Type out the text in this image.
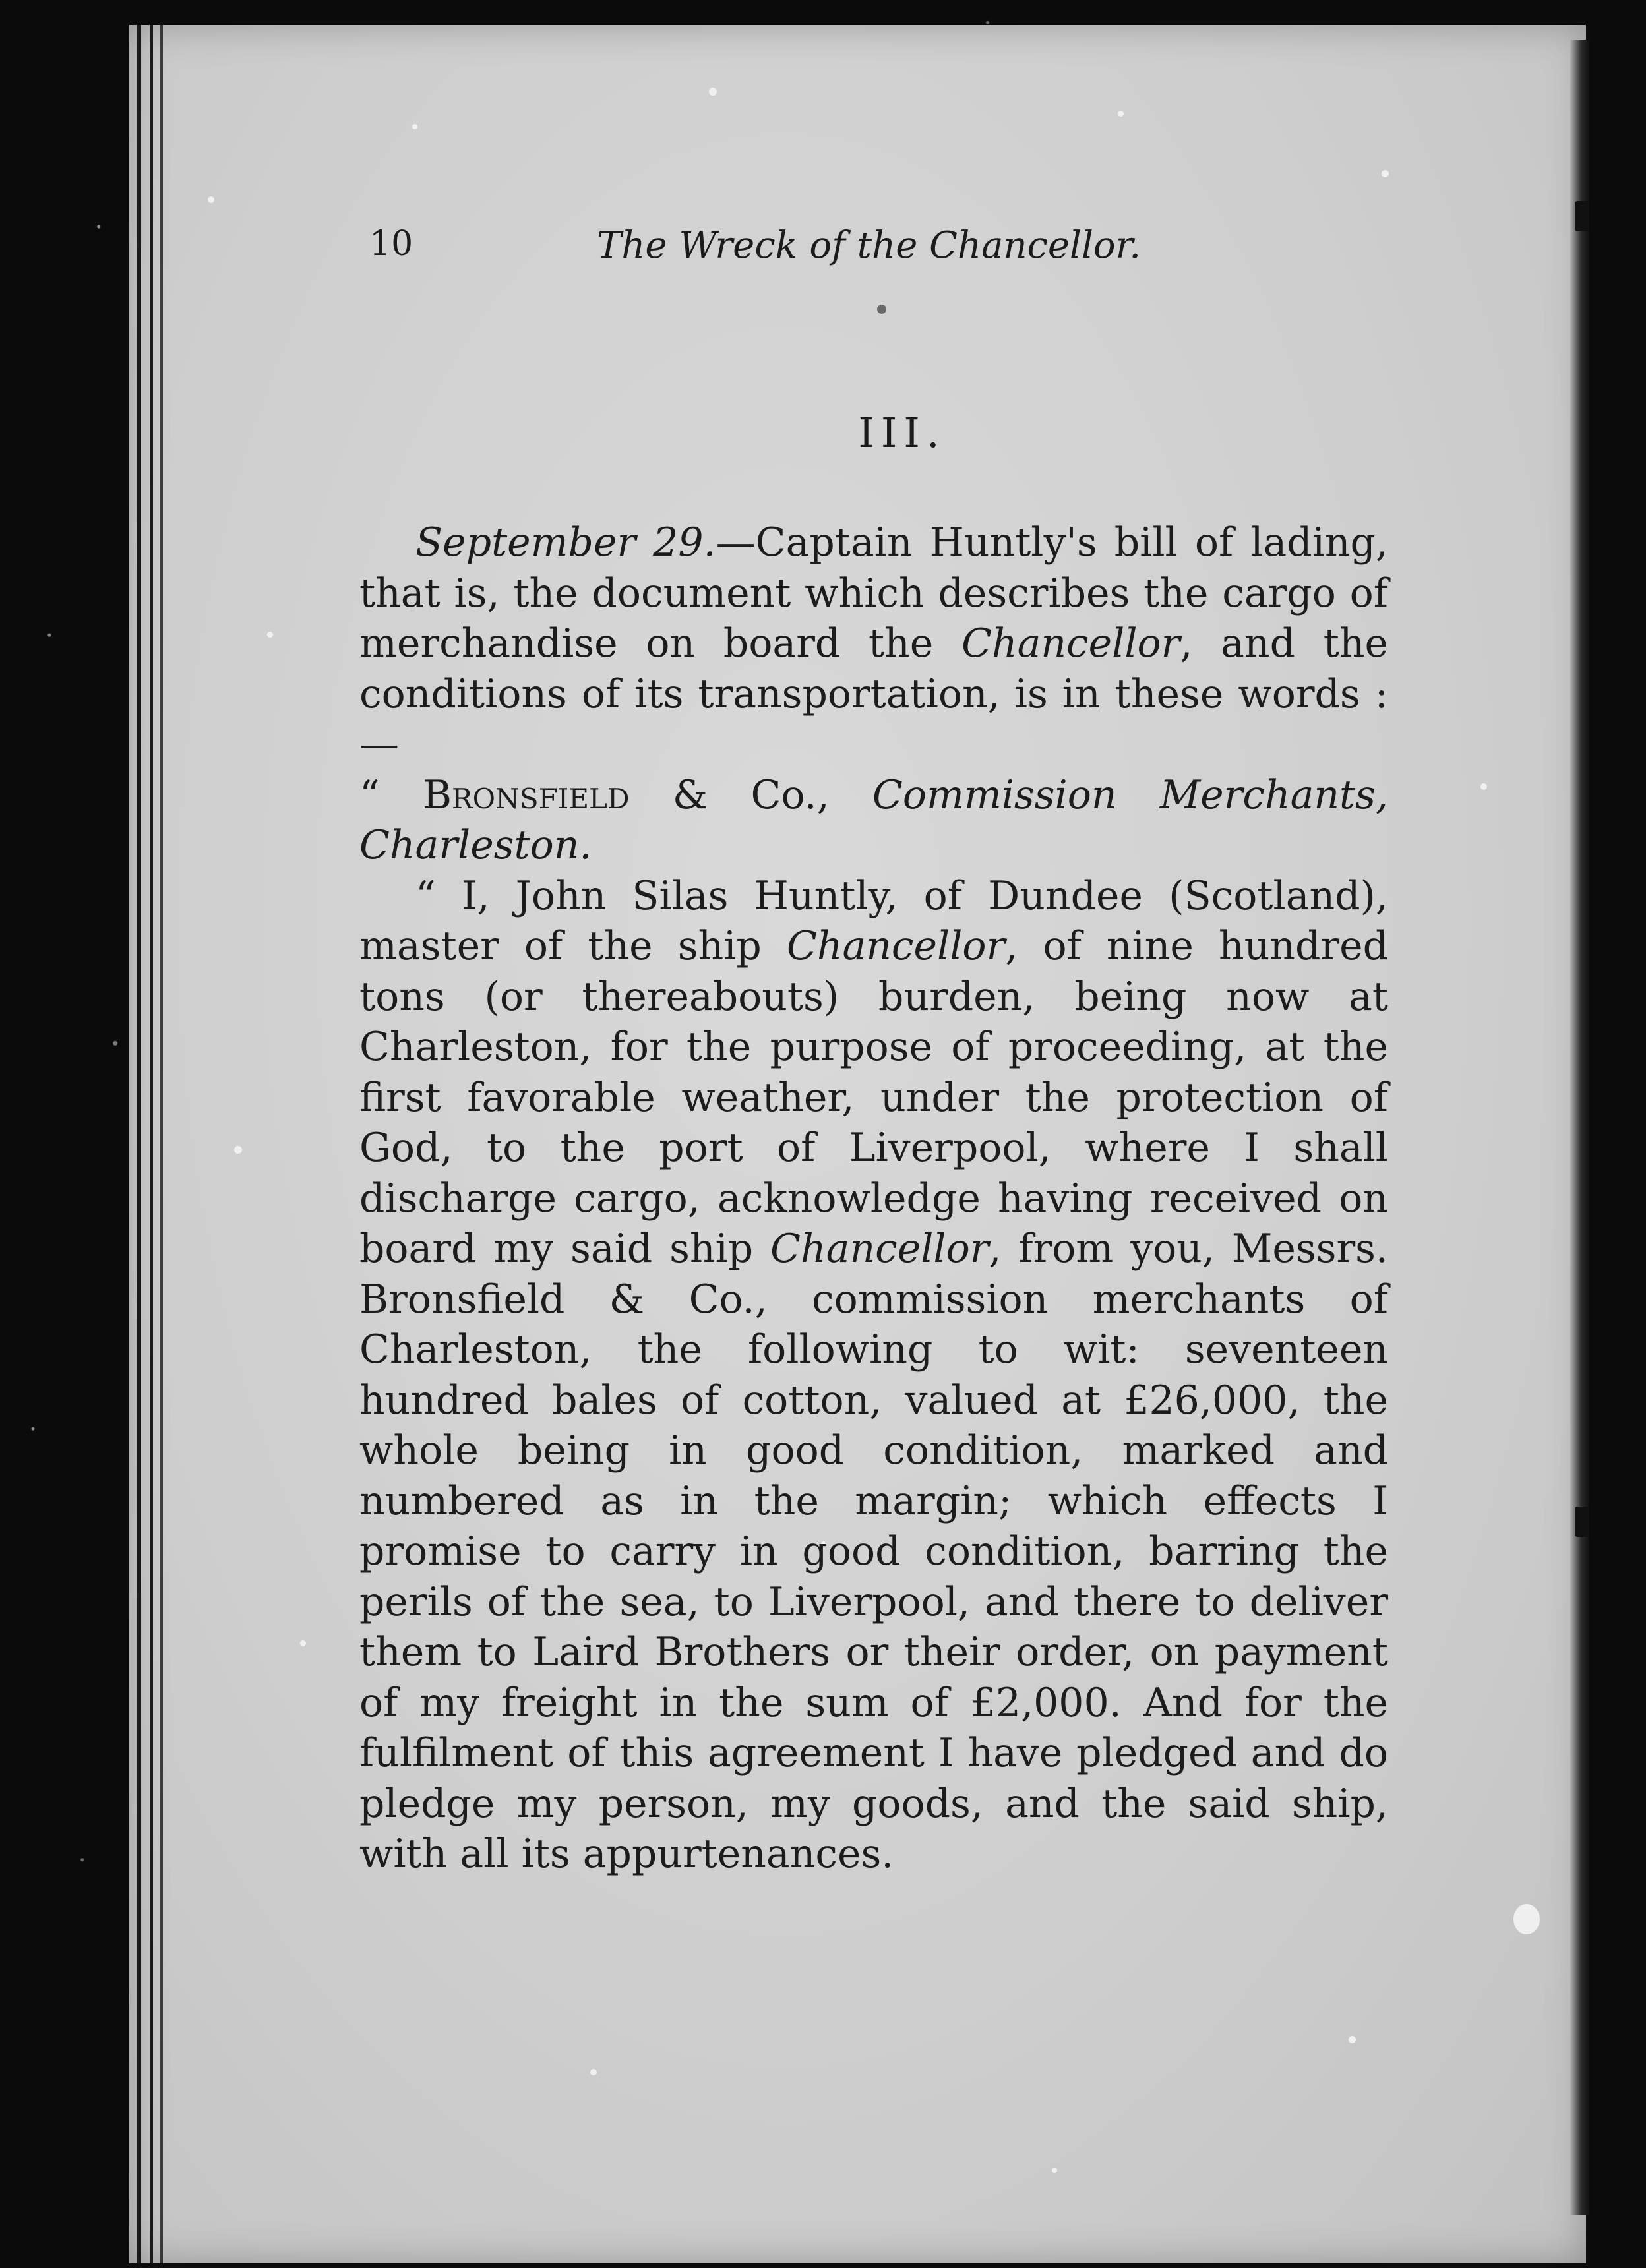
10	The Wreck of the Chancellor.
III.

September 29.—Captain Huntly's bill of lading, that is, the document which describes the cargo of merchandise on board the Chancellor, and the conditions of its transportation, is in these words :—

“ Bronsfield & Co., Commission Merchants, Charleston.

“ I, John Silas Huntly, of Dundee (Scotland), master of the ship Chancellor, of nine hundred tons (or thereabouts) burden, being now at Charleston, for the purpose of proceeding, at the first favorable weather, under the protection of God, to the port of Liverpool, where I shall discharge cargo, acknowledge having received on board my said ship Chancellor, from you, Messrs. Bronsfield & Co., commission merchants of Charleston, the following to wit: seventeen hundred bales of cotton, valued at £26,000, the whole being in good condition, marked and numbered as in the margin; which effects I promise to carry in good condition, barring the perils of the sea, to Liverpool, and there to deliver them to Laird Brothers or their order, on payment of my freight in the sum of £2,000. And for the fulfilment of this agreement I have pledged and do pledge my person, my goods, and the said ship, with all its appurtenances.
